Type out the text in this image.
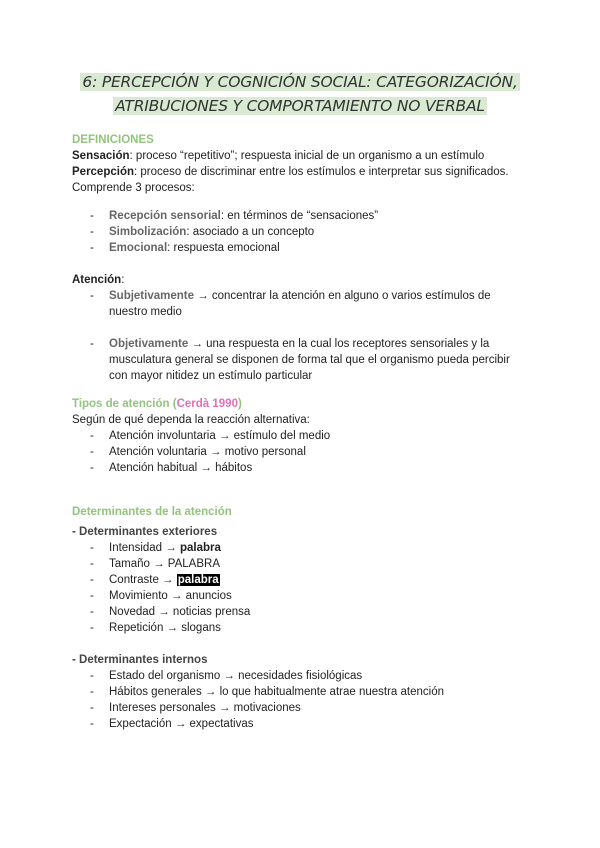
6: PERCEPCIÓN Y COGNICIÓN SOCIAL: CATEGORIZACIÓN,
ATRIBUCIONES Y COMPORTAMIENTO NO VERBAL

DEFINICIONES

Sensación: proceso “repetitivo”; respuesta inicial de un organismo a un estímulo

Percepción: proceso de discriminar entre los estímulos e interpretar sus significados. Comprende 3 procesos:

- Recepción sensorial: en términos de “sensaciones”
- Simbolización: asociado a un concepto
- Emocional: respuesta emocional

Atención:

- Subjetivamente → concentrar la atención en alguno o varios estímulos de nuestro medio
- Objetivamente → una respuesta en la cual los receptores sensoriales y la musculatura general se disponen de forma tal que el organismo pueda percibir con mayor nitidez un estímulo particular

Tipos de atención (Cerdà 1990)

Según de qué dependa la reacción alternativa:

- Atención involuntaria → estímulo del medio
- Atención voluntaria → motivo personal
- Atención habitual → hábitos

Determinantes de la atención

- Determinantes exteriores

- Intensidad → palabra
- Tamaño → PALABRA
- Contraste → palabra
- Movimiento → anuncios
- Novedad → noticias prensa
- Repetición → slogans

- Determinantes internos

- Estado del organismo → necesidades fisiológicas
- Hábitos generales → lo que habitualmente atrae nuestra atención
- Intereses personales → motivaciones
- Expectación → expectativas
